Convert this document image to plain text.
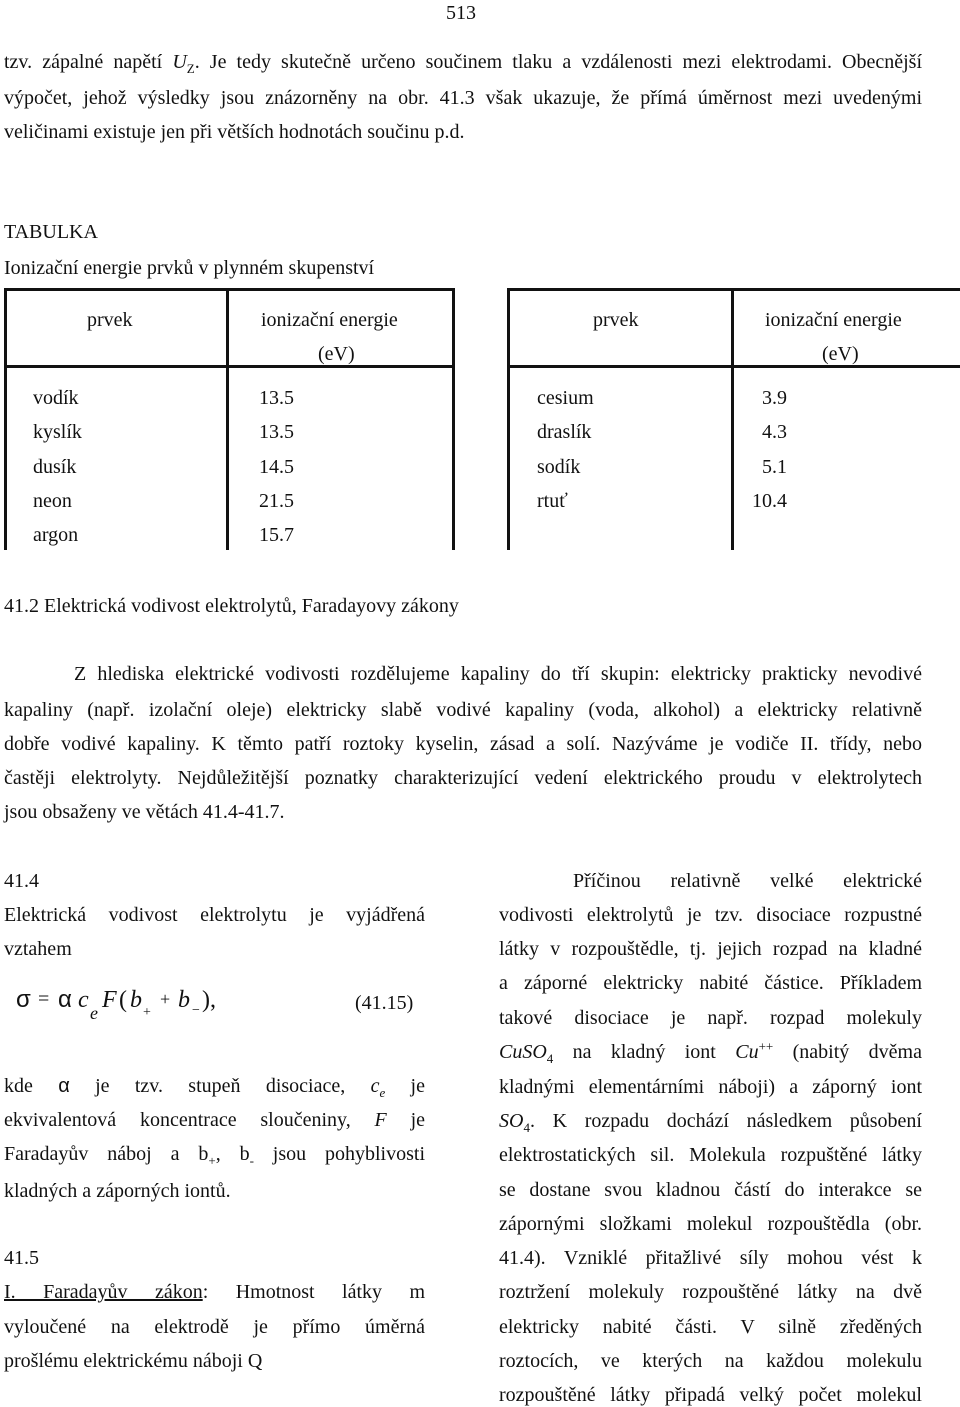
513
tzv. zápalné napětí $U_Z$. Je tedy skutečně určeno součinem tlaku a vzdálenosti mezi elektrodami. Obecnější
výpočet, jehož výsledky jsou znázorněny na obr. 41.3 však ukazuje, že přímá úměrnost mezi uvedenými
veličinami existuje jen při větších hodnotách součinu p.d.
TABULKA
Ionizační energie prvků v plynném skupenství
prvek	ionizační energie
(eV)
prvek	ionizační energie
(eV)
vodík	13.5
kyslík	13.5
dusík	14.5
neon	21.5
argon	15.7
cesium	3.9
draslík	4.3
sodík	5.1
rtuť	10.4
41.2 Elektrická vodivost elektrolytů, Faradayovy zákony
Z hlediska elektrické vodivosti rozdělujeme kapaliny do tří skupin: elektricky prakticky nevodivé
kapaliny (např. izolační oleje) elektricky slabě vodivé kapaliny (voda, alkohol) a elektricky relativně
dobře vodivé kapaliny. K těmto patří roztoky kyselin, zásad a solí. Nazýváme je vodiče II. třídy, nebo
častěji elektrolyty. Nejdůležitější poznatky charakterizující vedení elektrického proudu v elektrolytech
jsou obsaženy ve větách 41.4-41.7.
41.4
Elektrická vodivost elektrolytu je vyjádřená
vztahem
σ = α c e F ( b +
+ b − ),	(41.15)
kde α je tzv. stupeň disociace, $c_e$ je
ekvivalentová koncentrace sloučeniny, F je
Faradayův náboj a $b_+$, $b_-$ jsou pohyblivosti
kladných a záporných iontů.
41.5
I. Faradayův zákon: Hmotnost látky m
vyloučené na elektrodě je přímo úměrná
prošlému elektrickému náboji Q
Příčinou relativně velké elektrické
vodivosti elektrolytů je tzv. disociace rozpustné
látky v rozpouštědle, tj. jejich rozpad na kladné
a záporné elektricky nabité částice. Příkladem
takové disociace je např. rozpad molekuly
CuSO$_4$ na kladný iont Cu++ (nabitý dvěma
kladnými elementárními náboji) a záporný iont
$SO_4$. K rozpadu dochází následkem působení
elektrostatických sil. Molekula rozpuštěné látky
se dostane svou kladnou částí do interakce se
zápornými složkami molekul rozpouštědla (obr.
41.4). Vzniklé přitažlivé síly mohou vést k
roztržení molekuly rozpouštěné látky na dvě
elektricky nabité části. V silně zředěných
roztocích, ve kterých na každou molekulu
rozpouštěné látky připadá velký počet molekul
